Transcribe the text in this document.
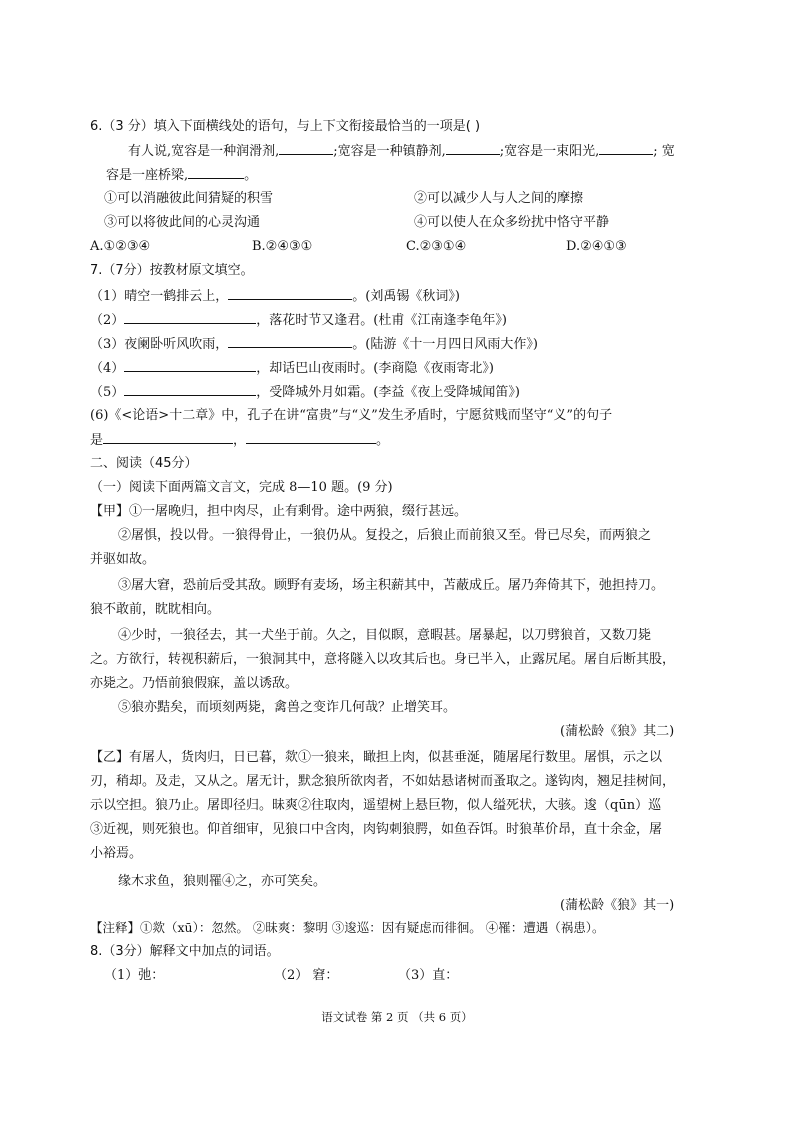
6.（3 分）填入下面横线处的语句，与上下文衔接最恰当的一项是( )
有人说,宽容是一种润滑剂,	;宽容是一种镇静剂,	;宽容是一束阳光,	; 宽
容是一座桥梁,	。
①可以消融彼此间猜疑的积雪	②可以减少人与人之间的摩擦
③可以将彼此间的心灵沟通	④可以使人在众多纷扰中恪守平静
A.①②③④	B.②④③①	C.②③①④	D.②④①③
7.（7分）按教材原文填空。
（1）晴空一鹤排云上，	。(刘禹锡《秋词》)
（2）	，落花时节又逢君。(杜甫《江南逢李龟年》)
（3）夜阑卧听风吹雨，	。(陆游《十一月四日风雨大作》)
（4）	，却话巴山夜雨时。(李商隐《夜雨寄北》)
（5）	，受降城外月如霜。(李益《夜上受降城闻笛》)
(6)《<论语>十二章》中，孔子在讲“富贵”与“义”发生矛盾时，宁愿贫贱而坚守“义”的句子
是	，	。
二、阅读（45分）
（一）阅读下面两篇文言文，完成 8—10 题。(9 分)
【甲】①一屠晚归，担中肉尽，止有剩骨。途中两狼，缀行甚远。
②屠惧，投以骨。一狼得骨止，一狼仍从。复投之，后狼止而前狼又至。骨已尽矣，而两狼之
并驱如故。
③屠大窘，恐前后受其敌。顾野有麦场，场主积薪其中，苫蔽成丘。屠乃奔倚其下，弛担持刀。
狼不敢前，眈眈相向。
④少时，一狼径去，其一犬坐于前。久之，目似瞑，意暇甚。屠暴起，以刀劈狼首，又数刀毙
之。方欲行，转视积薪后，一狼洞其中，意将隧入以攻其后也。身已半入，止露尻尾。屠自后断其股，
亦毙之。乃悟前狼假寐，盖以诱敌。
⑤狼亦黠矣，而顷刻两毙，禽兽之变诈几何哉？止增笑耳。
(蒲松龄《狼》其二)
【乙】有屠人，货肉归，日已暮，欻①一狼来，瞰担上肉，似甚垂涎，随屠尾行数里。屠惧，示之以
刃，稍却。及走，又从之。屠无计，默念狼所欲肉者，不如姑悬诸树而蚤取之。遂钩肉，翘足挂树间，
示以空担。狼乃止。屠即径归。昧爽②往取肉，遥望树上悬巨物，似人缢死状，大骇。逡（qūn）巡
③近视，则死狼也。仰首细审，见狼口中含肉，肉钩刺狼腭，如鱼吞饵。时狼革价昂，直十余金，屠
小裕焉。
缘木求鱼，狼则罹④之，亦可笑矣。
(蒲松龄《狼》其一)
【注释】①欻（xū）：忽然。 ②昧爽：黎明 ③逡巡：因有疑虑而徘徊。 ④罹：遭遇（祸患）。
8.（3分）解释文中加点的词语。
（1）弛：	（2） 窘：	（3）直：
语文试卷 第 2 页 （共 6 页）
